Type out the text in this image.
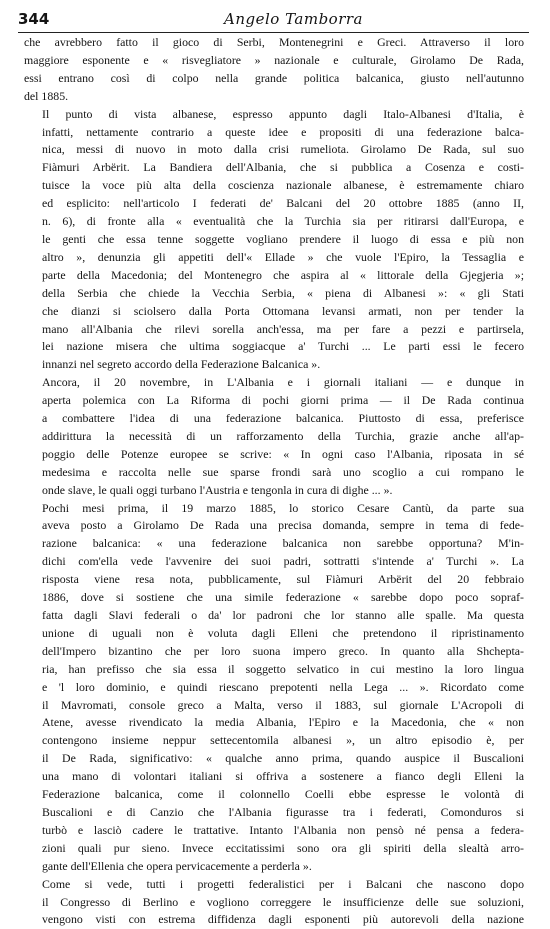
344	Angelo Tamborra

che avrebbero fatto il gioco di Serbi, Montenegrini e Greci. Attraverso il loro
maggiore esponente e « risvegliatore » nazionale e culturale, Girolamo De Rada,
essi entrano così di colpo nella grande politica balcanica, giusto nell'autunno
del 1885.

Il punto di vista albanese, espresso appunto dagli Italo-Albanesi d'Italia, è
infatti, nettamente contrario a queste idee e propositi di una federazione balca-
nica, messi di nuovo in moto dalla crisi rumeliota. Girolamo De Rada, sul suo
Fiàmuri Arbërit. La Bandiera dell'Albania, che si pubblica a Cosenza e costi-
tuisce la voce più alta della coscienza nazionale albanese, è estremamente chiaro
ed esplicito: nell'articolo I federati de' Balcani del 20 ottobre 1885 (anno II,
n. 6), di fronte alla « eventualità che la Turchia sia per ritirarsi dall'Europa, e
le genti che essa tenne soggette vogliano prendere il luogo di essa e più non
altro », denunzia gli appetiti dell'« Ellade » che vuole l'Epiro, la Tessaglia e
parte della Macedonia; del Montenegro che aspira al « littorale della Gjegjeria »;
della Serbia che chiede la Vecchia Serbia, « piena di Albanesi »: « gli Stati
che dianzi si sciolsero dalla Porta Ottomana levansi armati, non per tender la
mano all'Albania che rilevi sorella anch'essa, ma per fare a pezzi e partirsela,
lei nazione misera che ultima soggiacque a' Turchi ... Le parti essi le fecero
innanzi nel segreto accordo della Federazione Balcanica ».

Ancora, il 20 novembre, in L'Albania e i giornali italiani — e dunque in
aperta polemica con La Riforma di pochi giorni prima — il De Rada continua
a combattere l'idea di una federazione balcanica. Piuttosto di essa, preferisce
addirittura la necessità di un rafforzamento della Turchia, grazie anche all'ap-
poggio delle Potenze europee se scrive: « In ogni caso l'Albania, riposata in sé
medesima e raccolta nelle sue sparse frondi sarà uno scoglio a cui rompano le
onde slave, le quali oggi turbano l'Austria e tengonla in cura di dighe ... ».

Pochi mesi prima, il 19 marzo 1885, lo storico Cesare Cantù, da parte sua
aveva posto a Girolamo De Rada una precisa domanda, sempre in tema di fede-
razione balcanica: « una federazione balcanica non sarebbe opportuna? M'in-
dichi com'ella vede l'avvenire dei suoi padri, sottratti s'intende a' Turchi ». La
risposta viene resa nota, pubblicamente, sul Fiàmuri Arbërit del 20 febbraio
1886, dove si sostiene che una simile federazione « sarebbe dopo poco sopraf-
fatta dagli Slavi federali o da' lor padroni che lor stanno alle spalle. Ma questa
unione di uguali non è voluta dagli Elleni che pretendono il ripristinamento
dell'Impero bizantino che per loro suona impero greco. In quanto alla Shchepta-
ria, han prefisso che sia essa il soggetto selvatico in cui mestino la loro lingua
e 'l loro dominio, e quindi riescano prepotenti nella Lega ... ». Ricordato come
il Mavromati, console greco a Malta, verso il 1883, sul giornale L'Acropoli di
Atene, avesse rivendicato la media Albania, l'Epiro e la Macedonia, che « non
contengono insieme neppur settecentomila albanesi », un altro episodio è, per
il De Rada, significativo: « qualche anno prima, quando auspice il Buscalioni
una mano di volontari italiani si offriva a sostenere a fianco degli Elleni la
Federazione balcanica, come il colonnello Coelli ebbe espresse le volontà di
Buscalioni e di Canzio che l'Albania figurasse tra i federati, Comonduros si
turbò e lasciò cadere le trattative. Intanto l'Albania non pensò né pensa a federa-
zioni quali pur sieno. Invece eccitatissimi sono ora gli spiriti della slealtà arro-
gante dell'Ellenia che opera pervicacemente a perderla ».

Come si vede, tutti i progetti federalistici per i Balcani che nascono dopo
il Congresso di Berlino e vogliono correggere le insufficienze delle sue soluzioni,
vengono visti con estrema diffidenza dagli esponenti più autorevoli della nazione
